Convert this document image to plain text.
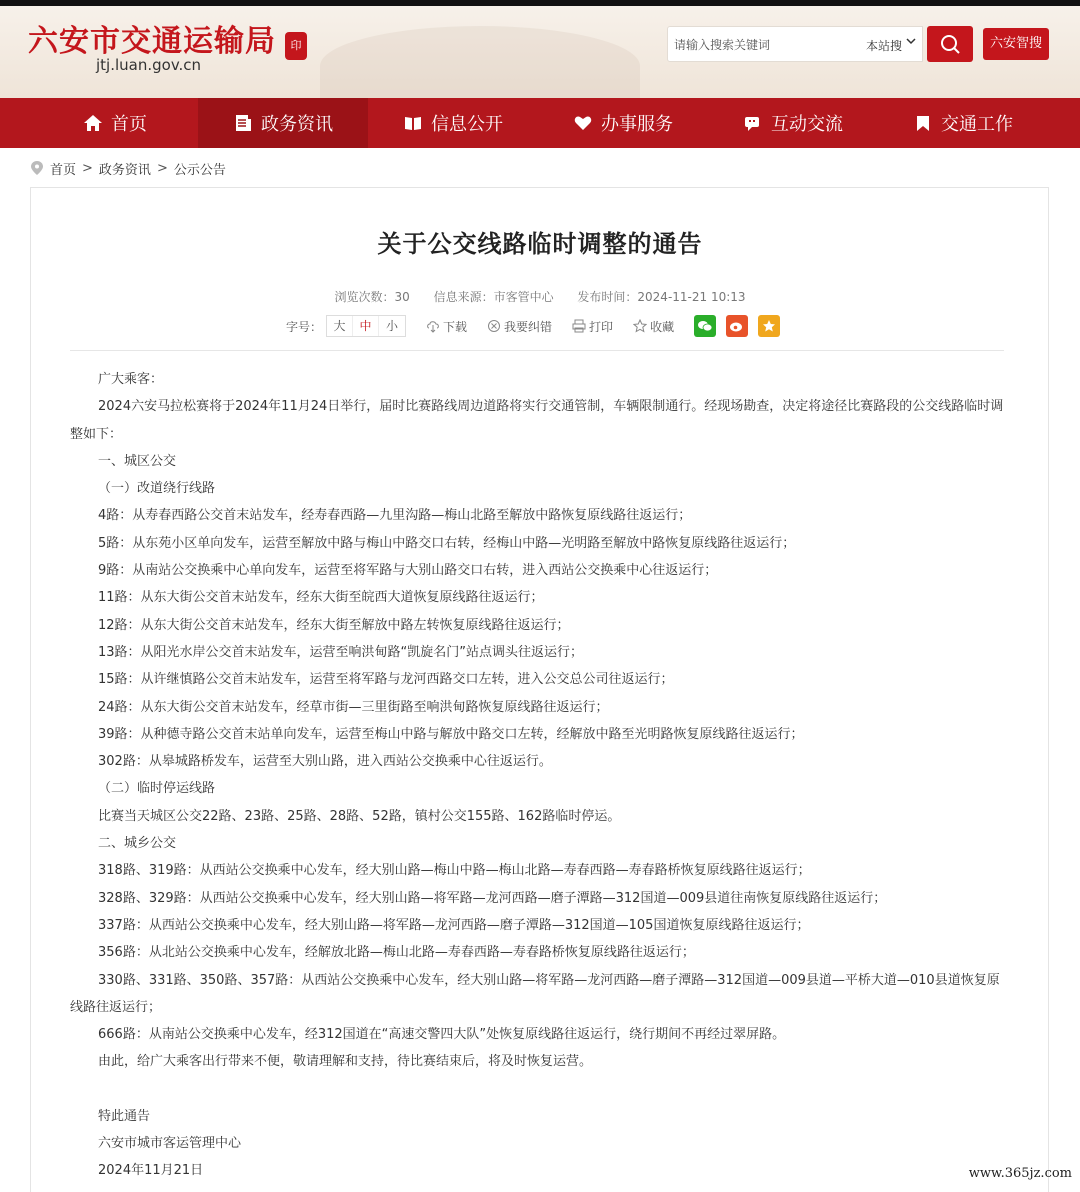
六安市交通运输局	印
jtj.luan.gov.cn
请输入搜索关键词
本站搜	六安智搜
首页	政务资讯	信息公开	办事服务	互动交流	交通工作
首页 > 政务资讯 > 公示公告
关于公交线路临时调整的通告
浏览次数：30 信息来源：市客管中心 发布时间：2024-11-21 10:13
字号： 大	中	小	下载	我要纠错	打印	收藏

广大乘客：

2024六安马拉松赛将于2024年11月24日举行，届时比赛路线周边道路将实行交通管制，车辆限制通行。经现场勘查，决定将途径比赛路段的公交线路临时调整如下：

一、城区公交

（一）改道绕行线路

4路：从寿春西路公交首末站发车，经寿春西路—九里沟路—梅山北路至解放中路恢复原线路往返运行；

5路：从东苑小区单向发车，运营至解放中路与梅山中路交口右转，经梅山中路—光明路至解放中路恢复原线路往返运行；

9路：从南站公交换乘中心单向发车，运营至将军路与大别山路交口右转，进入西站公交换乘中心往返运行；

11路：从东大街公交首末站发车，经东大街至皖西大道恢复原线路往返运行；

12路：从东大街公交首末站发车，经东大街至解放中路左转恢复原线路往返运行；

13路：从阳光水岸公交首末站发车，运营至响洪甸路“凯旋名门”站点调头往返运行；

15路：从许继慎路公交首末站发车，运营至将军路与龙河西路交口左转，进入公交总公司往返运行；

24路：从东大街公交首末站发车，经草市街—三里街路至响洪甸路恢复原线路往返运行；

39路：从种德寺路公交首末站单向发车，运营至梅山中路与解放中路交口左转，经解放中路至光明路恢复原线路往返运行；

302路：从皋城路桥发车，运营至大别山路，进入西站公交换乘中心往返运行。

（二）临时停运线路

比赛当天城区公交22路、23路、25路、28路、52路，镇村公交155路、162路临时停运。

二、城乡公交

318路、319路：从西站公交换乘中心发车，经大别山路—梅山中路—梅山北路—寿春西路—寿春路桥恢复原线路往返运行；

328路、329路：从西站公交换乘中心发车，经大别山路—将军路—龙河西路—磨子潭路—312国道—009县道往南恢复原线路往返运行；

337路：从西站公交换乘中心发车，经大别山路—将军路—龙河西路—磨子潭路—312国道—105国道恢复原线路往返运行；

356路：从北站公交换乘中心发车，经解放北路—梅山北路—寿春西路—寿春路桥恢复原线路往返运行；

330路、331路、350路、357路：从西站公交换乘中心发车，经大别山路—将军路—龙河西路—磨子潭路—312国道—009县道—平桥大道—010县道恢复原线路往返运行；

666路：从南站公交换乘中心发车，经312国道在“高速交警四大队”处恢复原线路往返运行，绕行期间不再经过翠屏路。

由此，给广大乘客出行带来不便，敬请理解和支持，待比赛结束后，将及时恢复运营。

特此通告

六安市城市客运管理中心

2024年11月21日	www.365jz.com
